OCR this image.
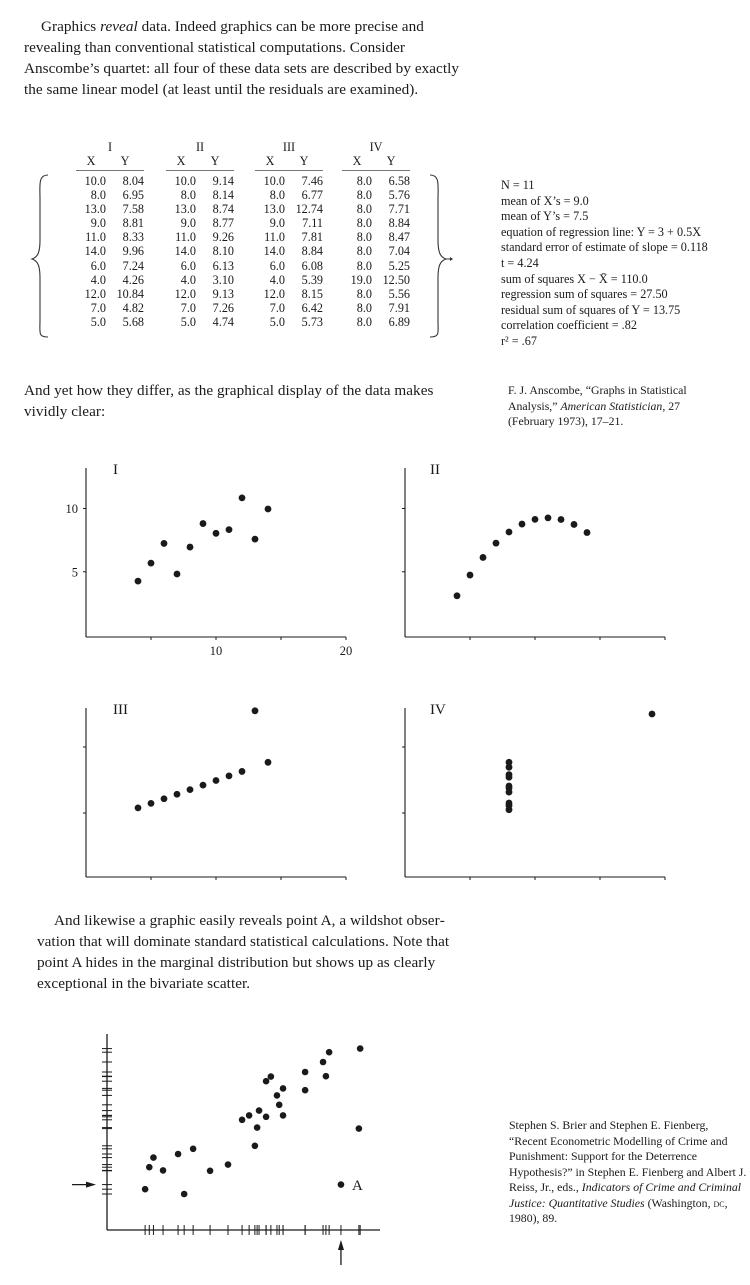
Graphics reveal data. Indeed graphics can be more precise and revealing than conventional statistical computations. Consider Anscombe’s quartet: all four of these data sets are described by exactly the same linear model (at least until the residuals are examined).
I
X	Y
10.0	8.04
8.0	6.95
13.0	7.58
9.0	8.81
11.0	8.33
14.0	9.96
6.0	7.24
4.0	4.26
12.0 10.84
7.0	4.82
5.0	5.68
II
X	Y
10.0	9.14
8.0	8.14
13.0	8.74
9.0	8.77
11.0	9.26
14.0	8.10
6.0	6.13
4.0	3.10
12.0	9.13
7.0	7.26
5.0	4.74
III
X	Y
10.0	7.46
8.0	6.77
13.0 12.74
9.0	7.11
11.0	7.81
14.0	8.84
6.0	6.08
4.0	5.39
12.0	8.15
7.0	6.42
5.0	5.73
IV
X	Y
8.0	6.58
8.0	5.76
8.0	7.71
8.0	8.84
8.0	8.47
8.0	7.04
8.0	5.25
19.0 12.50
8.0	5.56
8.0	7.91
8.0	6.89
N = 11
mean of X’s = 9.0
mean of Y’s = 7.5
equation of regression line: Y = 3 + 0.5X
standard error of estimate of slope = 0.118
t = 4.24
sum of squares X − X̄ = 110.0
regression sum of squares = 27.50
residual sum of squares of Y = 13.75
correlation coefficient = .82
r² = .67
And yet how they differ, as the graphical display of the data makes vividly clear:
F. J. Anscombe, “Graphs in Statistical Analysis,” American Statistician, 27 (February 1973), 17–21.
10	20
5
10
I	II
III	IV
A
And likewise a graphic easily reveals point A, a wildshot observation that will dominate standard statistical calculations. Note that point A hides in the marginal distribution but shows up as clearly exceptional in the bivariate scatter.
Stephen S. Brier and Stephen E. Fienberg, “Recent Econometric Modelling of Crime and Punishment: Support for the Deterrence Hypothesis?” in Stephen E. Fienberg and Albert J. Reiss, Jr., eds., Indicators of Crime and Criminal Justice: Quantitative Studies (Washington, dc, 1980), 89.
